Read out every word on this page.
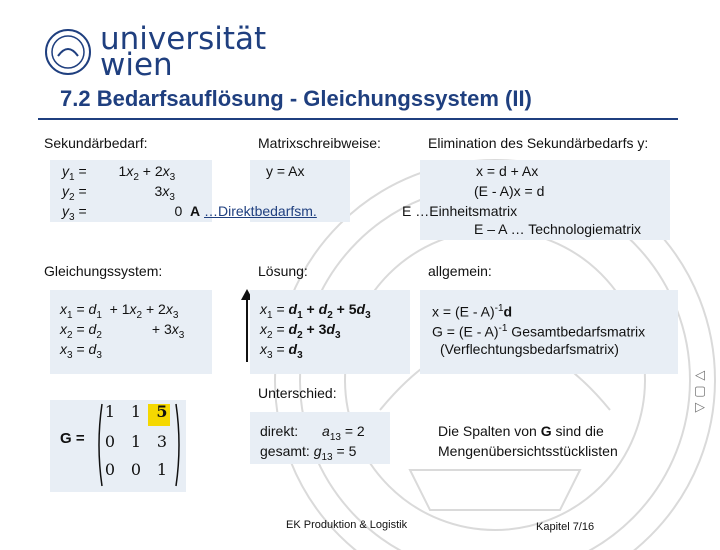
universität
wien
7.2 Bedarfsauflösung - Gleichungssystem (II)
Sekundärbedarf:	Matrixschreibweise:	Elimination des Sekundärbedarfs y:
$y_1 = 1x_2 + 2x_3$
$y_2$ =	$3x_3$
$y_3$ =	0
y = Ax
A …Direktbedarfsm.
x = d + Ax
(E - A)x = d
E …Einheitsmatrix
E – A … Technologiematrix
Gleichungssystem:	Lösung:	allgemein:
$x_1 = d_1 + 1x_2 + 2x_3$
$x_2 = d_2$	+ $3x_3$
$x_3 = d_3$
$x_1 = d_1 + d_2 + 5d_3$
$x_2 = d_2 + 3d_3$
$x_3 = d_3$
x = (E - A)$^{-1}$d
G = (E - A)$^{-1}$ Gesamtbedarfsmatrix
(Verflechtungsbedarfsmatrix)
Unterschied:
G =
1 1 5
0 1 3
0 0 1
direkt: $a_{13} = 2$
gesamt: $g_{13} = 5$
Die Spalten von G sind die
Mengenübersichtsstücklisten
EK Produktion & Logistik	Kapitel 7/16
◁
▢
▷
